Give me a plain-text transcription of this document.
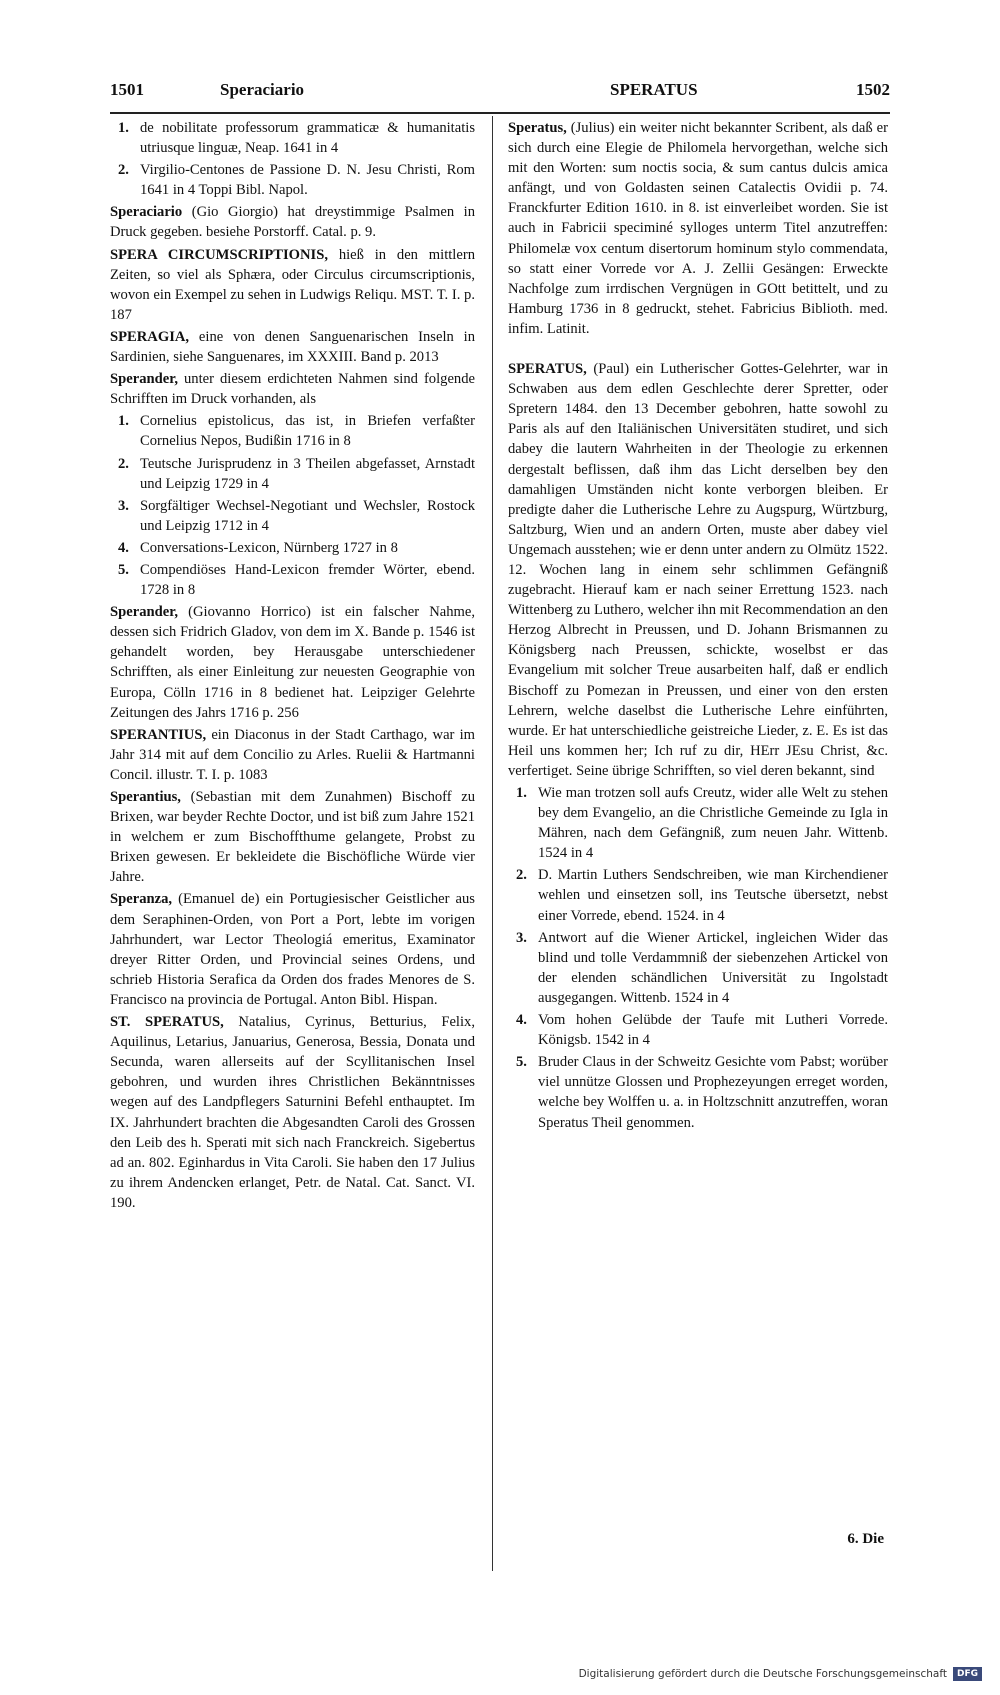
1501	Speraciario	SPERATUS	1502

1. de nobilitate professorum grammaticæ & humanitatis utriusque linguæ, Neap. 1641 in 4

2. Virgilio-Centones de Passione D. N. Jesu Christi, Rom 1641 in 4 Toppi Bibl. Napol.

Speraciario (Gio Giorgio) hat dreystimmige Psalmen in Druck gegeben. besiehe Porstorff. Catal. p. 9.

SPERA CIRCUMSCRIPTIONIS, hieß in den mittlern Zeiten, so viel als Sphæra, oder Circulus circumscriptionis, wovon ein Exempel zu sehen in Ludwigs Reliqu. MST. T. I. p. 187

SPERAGIA, eine von denen Sanguenarischen Inseln in Sardinien, siehe Sanguenares, im XXXIII. Band p. 2013

Sperander, unter diesem erdichteten Nahmen sind folgende Schrifften im Druck vorhanden, als

1. Cornelius epistolicus, das ist, in Briefen verfaßter Cornelius Nepos, Budißin 1716 in 8

2. Teutsche Jurisprudenz in 3 Theilen abgefasset, Arnstadt und Leipzig 1729 in 4

3. Sorgfältiger Wechsel-Negotiant und Wechsler, Rostock und Leipzig 1712 in 4

4. Conversations-Lexicon, Nürnberg 1727 in 8

5. Compendiöses Hand-Lexicon fremder Wörter, ebend. 1728 in 8

Sperander, (Giovanno Horrico) ist ein falscher Nahme, dessen sich Fridrich Gladov, von dem im X. Bande p. 1546 ist gehandelt worden, bey Herausgabe unterschiedener Schrifften, als einer Einleitung zur neuesten Geographie von Europa, Cölln 1716 in 8 bedienet hat. Leipziger Gelehrte Zeitungen des Jahrs 1716 p. 256

SPERANTIUS, ein Diaconus in der Stadt Carthago, war im Jahr 314 mit auf dem Concilio zu Arles. Ruelii & Hartmanni Concil. illustr. T. I. p. 1083

Sperantius, (Sebastian mit dem Zunahmen) Bischoff zu Brixen, war beyder Rechte Doctor, und ist biß zum Jahre 1521 in welchem er zum Bischoffthume gelangete, Probst zu Brixen gewesen. Er bekleidete die Bischöfliche Würde vier Jahre.

Speranza, (Emanuel de) ein Portugiesischer Geistlicher aus dem Seraphinen-Orden, von Port a Port, lebte im vorigen Jahrhundert, war Lector Theologiá emeritus, Examinator dreyer Ritter Orden, und Provincial seines Ordens, und schrieb Historia Serafica da Orden dos frades Menores de S. Francisco na provincia de Portugal. Anton Bibl. Hispan.

ST. SPERATUS, Natalius, Cyrinus, Betturius, Felix, Aquilinus, Letarius, Januarius, Generosa, Bessia, Donata und Secunda, waren allerseits auf der Scyllitanischen Insel gebohren, und wurden ihres Christlichen Bekänntnisses wegen auf des Landpflegers Saturnini Befehl enthauptet. Im IX. Jahrhundert brachten die Abgesandten Caroli des Grossen den Leib des h. Sperati mit sich nach Franckreich. Sigebertus ad an. 802. Eginhardus in Vita Caroli. Sie haben den 17 Julius zu ihrem Andencken erlanget, Petr. de Natal. Cat. Sanct. VI. 190.

Speratus, (Julius) ein weiter nicht bekannter Scribent, als daß er sich durch eine Elegie de Philomela hervorgethan, welche sich mit den Worten: sum noctis socia, & sum cantus dulcis amica anfängt, und von Goldasten seinen Catalectis Ovidii p. 74. Franckfurter Edition 1610. in 8. ist einverleibet worden. Sie ist auch in Fabricii speciminé sylloges unterm Titel anzutreffen: Philomelæ vox centum disertorum hominum stylo commendata, so statt einer Vorrede vor A. J. Zellii Gesängen: Erweckte Nachfolge zum irrdischen Vergnügen in GOtt betittelt, und zu Hamburg 1736 in 8 gedruckt, stehet. Fabricius Biblioth. med. infim. Latinit.

SPERATUS, (Paul) ein Lutherischer Gottes-Gelehrter, war in Schwaben aus dem edlen Geschlechte derer Spretter, oder Spretern 1484. den 13 December gebohren, hatte sowohl zu Paris als auf den Italiänischen Universitäten studiret, und sich dabey die lautern Wahrheiten in der Theologie zu erkennen dergestalt beflissen, daß ihm das Licht derselben bey den damahligen Umständen nicht konte verborgen bleiben. Er predigte daher die Lutherische Lehre zu Augspurg, Würtzburg, Saltzburg, Wien und an andern Orten, muste aber dabey viel Ungemach ausstehen; wie er denn unter andern zu Olmütz 1522. 12. Wochen lang in einem sehr schlimmen Gefängniß zugebracht. Hierauf kam er nach seiner Errettung 1523. nach Wittenberg zu Luthero, welcher ihn mit Recommendation an den Herzog Albrecht in Preussen, und D. Johann Brismannen zu Königsberg nach Preussen, schickte, woselbst er das Evangelium mit solcher Treue ausarbeiten half, daß er endlich Bischoff zu Pomezan in Preussen, und einer von den ersten Lehrern, welche daselbst die Lutherische Lehre einführten, wurde. Er hat unterschiedliche geistreiche Lieder, z. E. Es ist das Heil uns kommen her; Ich ruf zu dir, HErr JEsu Christ, &c. verfertiget. Seine übrige Schrifften, so viel deren bekannt, sind

1. Wie man trotzen soll aufs Creutz, wider alle Welt zu stehen bey dem Evangelio, an die Christliche Gemeinde zu Igla in Mähren, nach dem Gefängniß, zum neuen Jahr. Wittenb. 1524 in 4

2. D. Martin Luthers Sendschreiben, wie man Kirchendiener wehlen und einsetzen soll, ins Teutsche übersetzt, nebst einer Vorrede, ebend. 1524. in 4

3. Antwort auf die Wiener Artickel, ingleichen Wider das blind und tolle Verdammniß der siebenzehen Artickel von der elenden schändlichen Universität zu Ingolstadt ausgegangen. Wittenb. 1524 in 4

4. Vom hohen Gelübde der Taufe mit Lutheri Vorrede. Königsb. 1542 in 4

5. Bruder Claus in der Schweitz Gesichte vom Pabst; worüber viel unnütze Glossen und Prophezeyungen erreget worden, welche bey Wolffen u. a. in Holtzschnitt anzutreffen, woran Speratus Theil genommen.

6. Die
Digitalisierung gefördert durch die Deutsche Forschungsgemeinschaft	DFG
